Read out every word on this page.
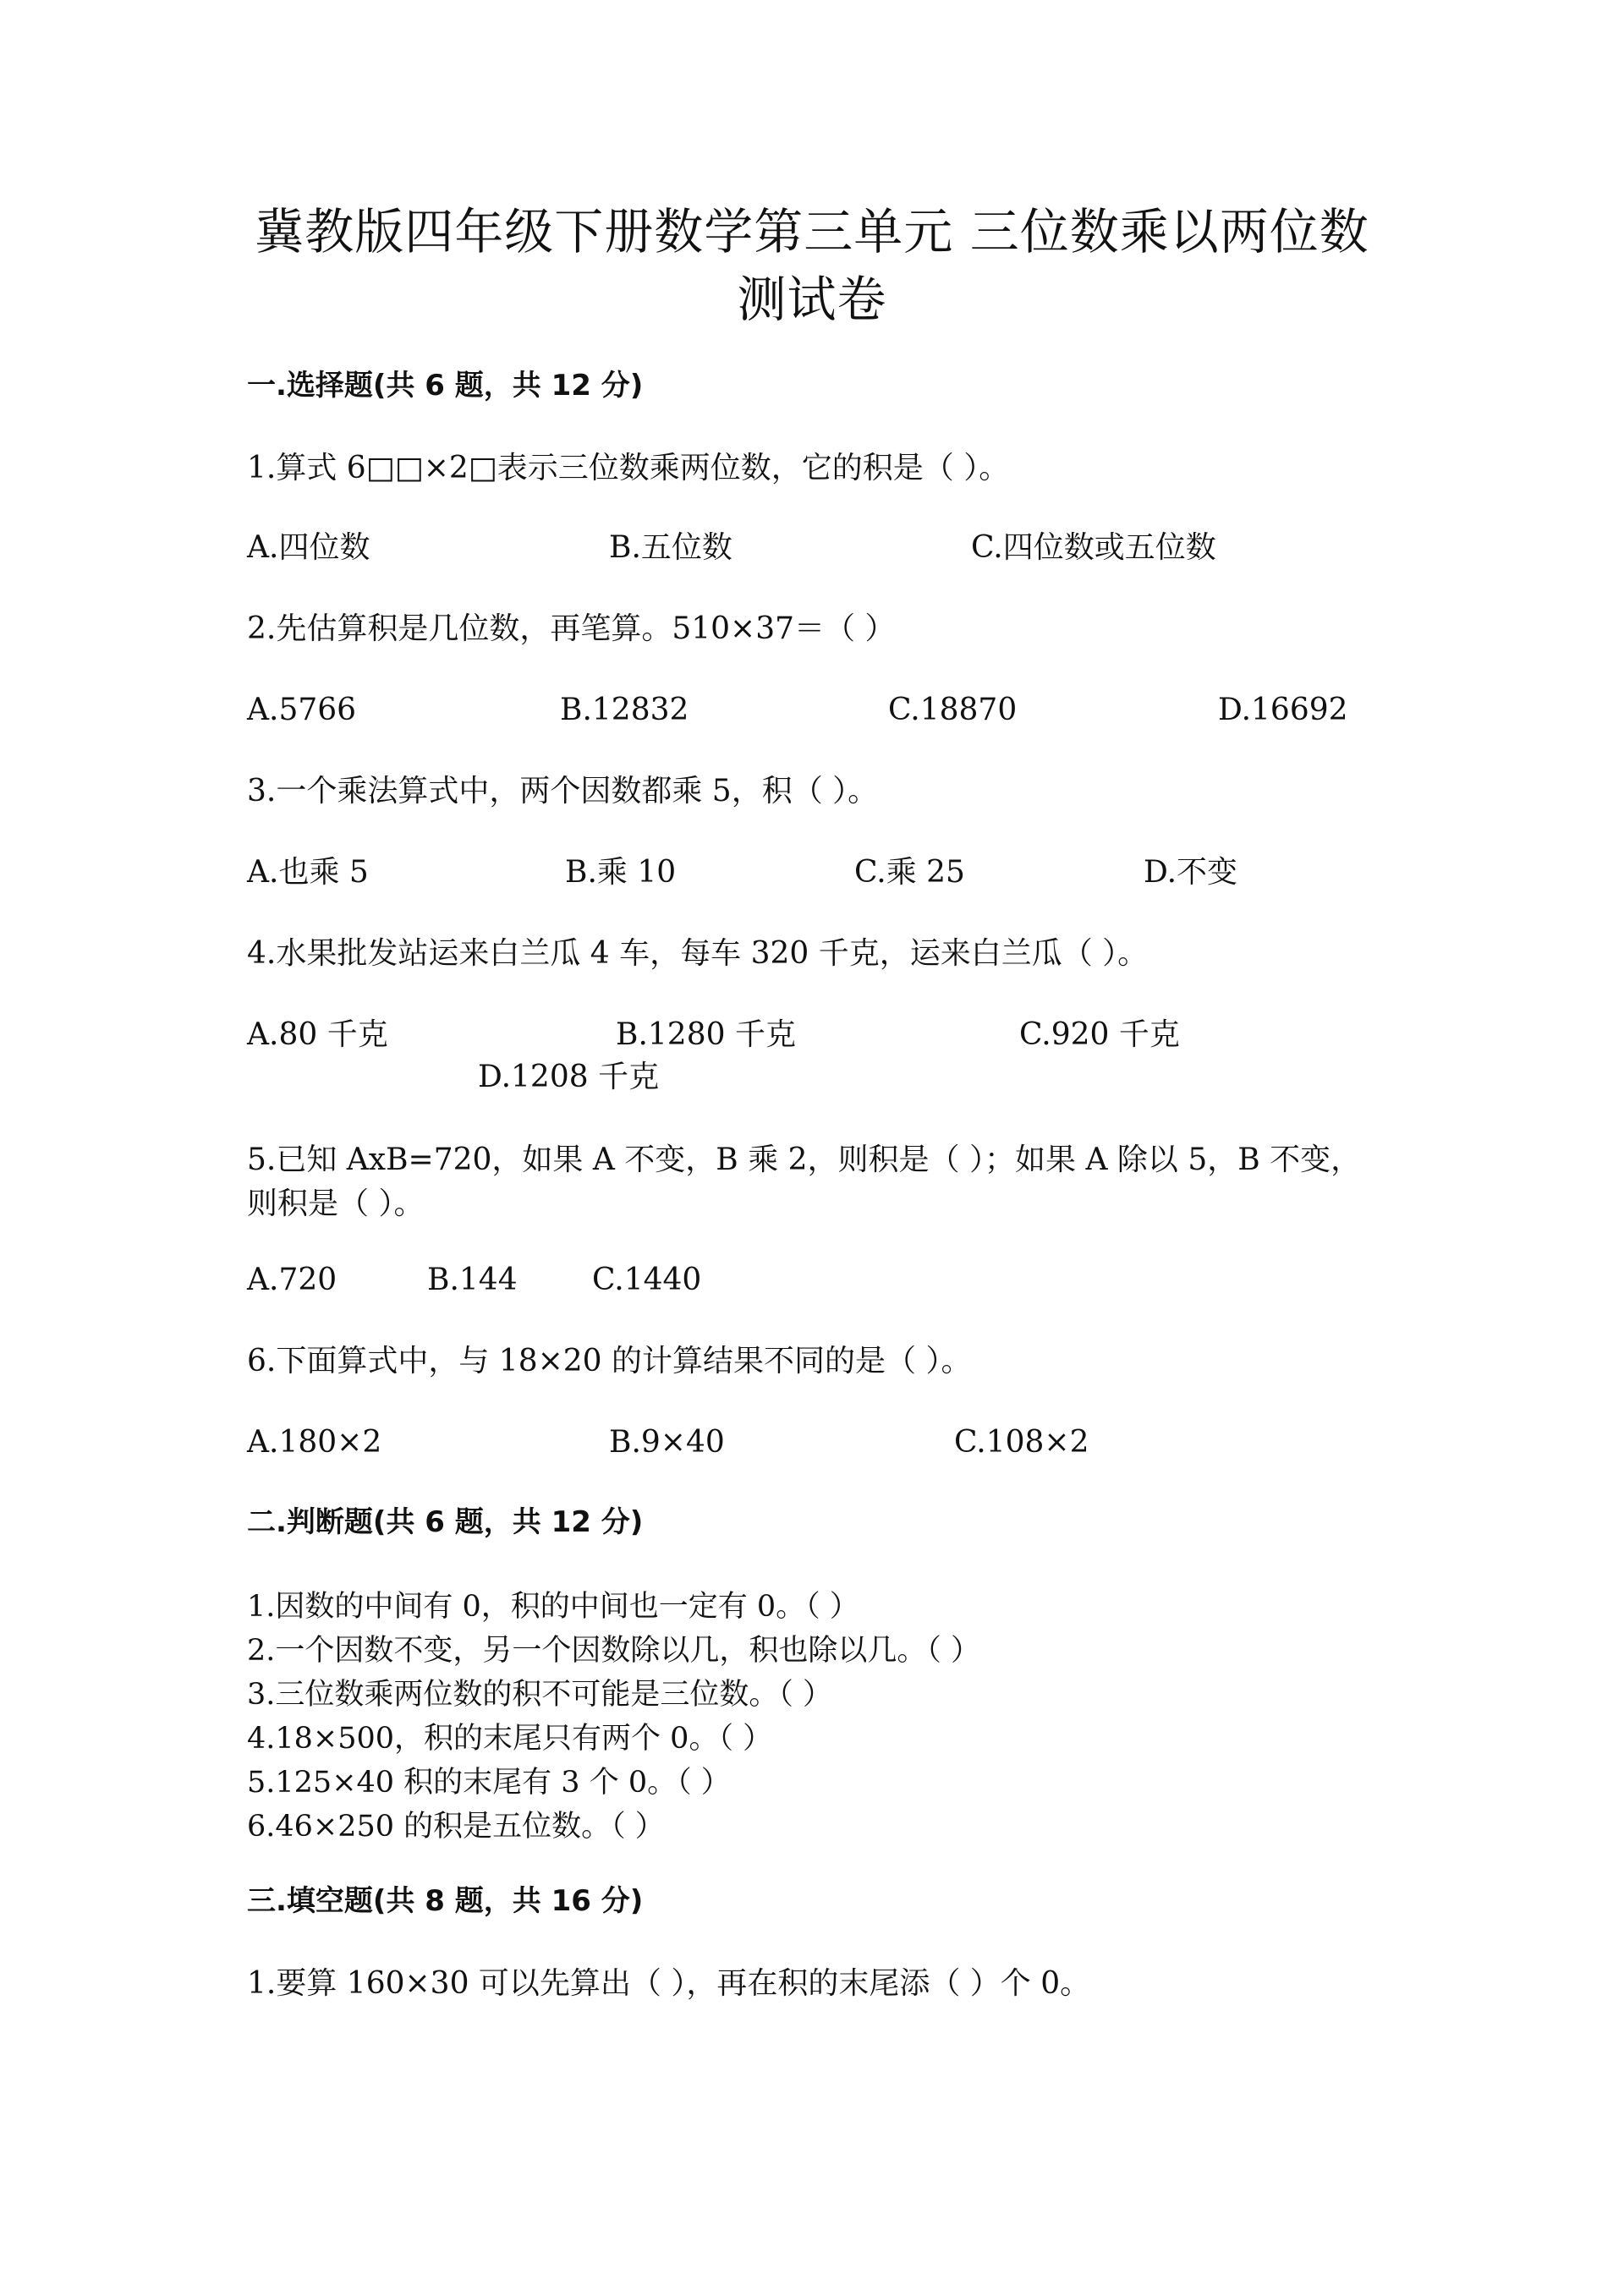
冀教版四年级下册数学第三单元 三位数乘以两位数
测试卷
一.选择题(共 6 题，共 12 分)

1.算式 6□□×2□表示三位数乘两位数，它的积是（ ）。

A.四位数	B.五位数	C.四位数或五位数

2.先估算积是几位数，再笔算。510×37＝（ ）

A.5766	B.12832	C.18870	D.16692

3.一个乘法算式中，两个因数都乘 5，积（ ）。

A.也乘 5	B.乘 10	C.乘 25	D.不变

4.水果批发站运来白兰瓜 4 车，每车 320 千克，运来白兰瓜（ ）。

A.80 千克	B.1280 千克	C.920 千克

D.1208 千克

5.已知 AxB=720，如果 A 不变，B 乘 2，则积是（ ）；如果 A 除以 5，B 不变，则积是（ ）。

A.720	B.144 C.1440

6.下面算式中，与 18×20 的计算结果不同的是（ ）。

A.180×2	B.9×40	C.108×2

二.判断题(共 6 题，共 12 分)

1.因数的中间有 0，积的中间也一定有 0。（ ）

2.一个因数不变，另一个因数除以几，积也除以几。（ ）

3.三位数乘两位数的积不可能是三位数。（ ）

4.18×500，积的末尾只有两个 0。（ ）

5.125×40 积的末尾有 3 个 0。（ ）

6.46×250 的积是五位数。（ ）

三.填空题(共 8 题，共 16 分)

1.要算 160×30 可以先算出（ ），再在积的末尾添（ ）个 0。
